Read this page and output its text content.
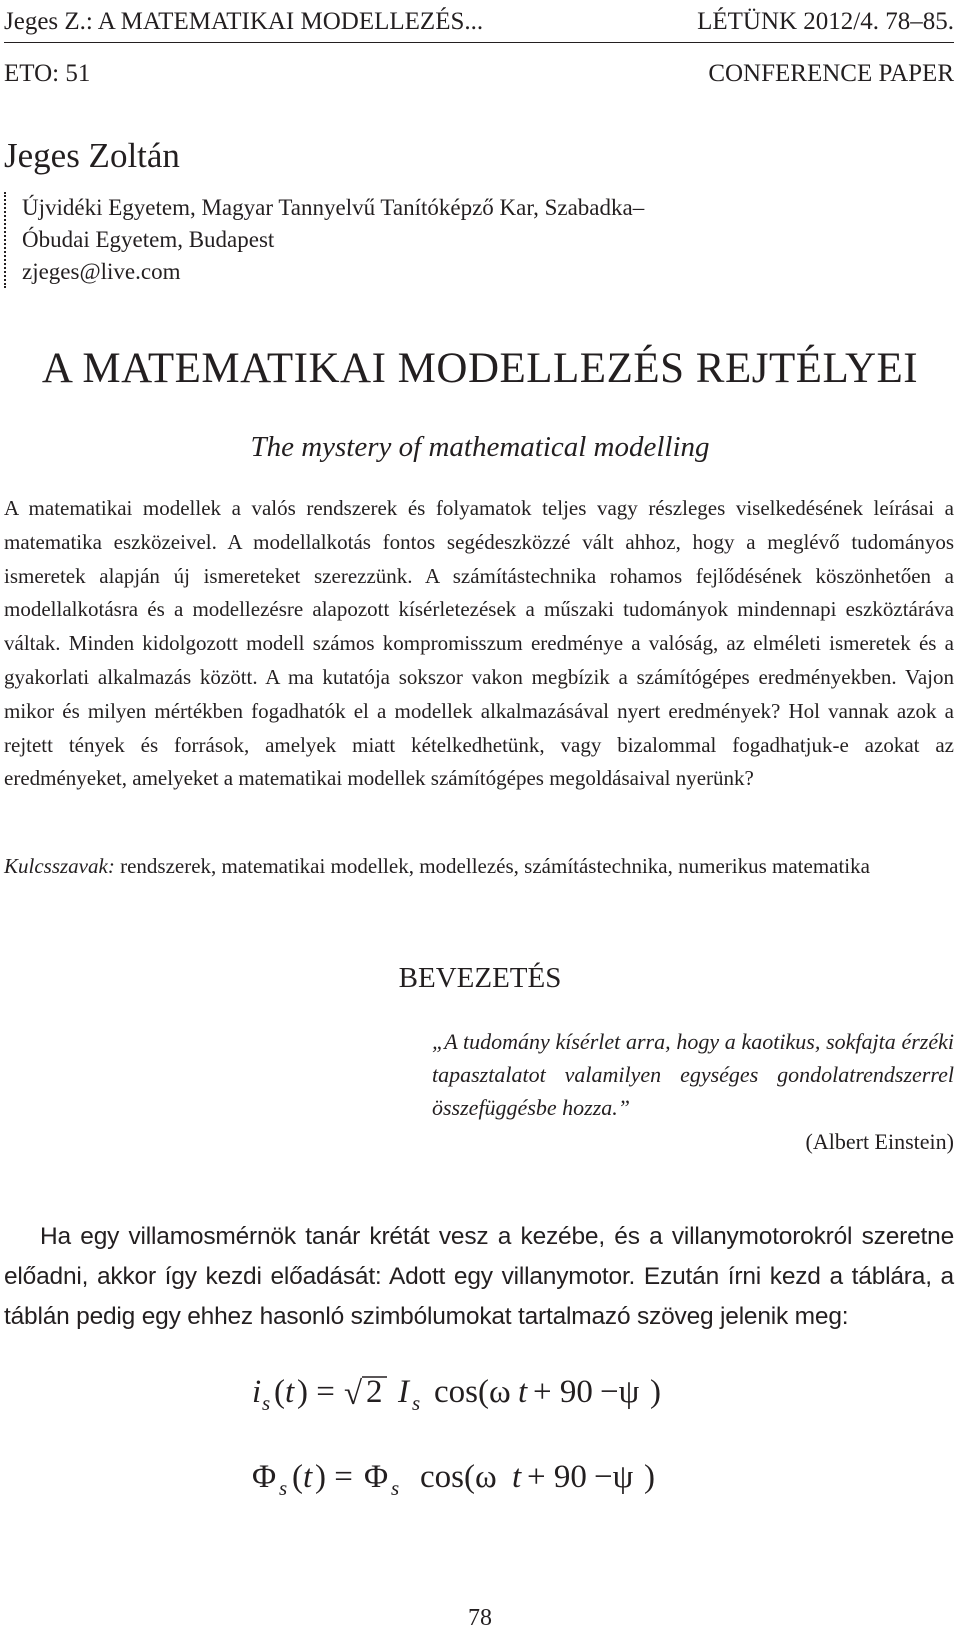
Jeges Z.: A MATEMATIKAI MODELLEZÉS...	LÉTÜNK 2012/4. 78–85.
ETO: 51	CONFERENCE PAPER
Jeges Zoltán
Újvidéki Egyetem, Magyar Tannyelvű Tanítóképző Kar, Szabadka–
Óbudai Egyetem, Budapest
zjeges@live.com
A MATEMATIKAI MODELLEZÉS REJTÉLYEI
The mystery of mathematical modelling
A matematikai modellek a valós rendszerek és folyamatok teljes vagy részleges viselkedésének leírásai a matematika eszközeivel. A modellalkotás fontos segédeszközzé vált ahhoz, hogy a meglévő tudományos ismeretek alapján új ismereteket szerezzünk. A számítástechnika rohamos fejlődésének köszönhetően a modellalkotásra és a modellezésre alapozott kísérletezések a műszaki tudományok mindennapi eszköztáráva váltak. Minden kidolgozott modell számos kompromisszum eredménye a valóság, az elméleti ismeretek és a gyakorlati alkalmazás között. A ma kutatója sokszor vakon megbízik a számítógépes eredményekben. Vajon mikor és milyen mértékben fogadhatók el a modellek alkalmazásával nyert eredmények? Hol vannak azok a rejtett tények és források, amelyek miatt kételkedhetünk, vagy bizalommal fogadhatjuk-e azokat az eredményeket, amelyeket a matematikai modellek számítógépes megoldásaival nyerünk?
Kulcsszavak: rendszerek, matematikai modellek, modellezés, számítástechnika, numerikus matematika
BEVEZETÉS
„A tudomány kísérlet arra, hogy a kaotikus, sokfajta érzéki tapasztalatot valamilyen egységes gondolatrendszerrel összefüggésbe hozza.”
(Albert Einstein)
Ha egy villamosmérnök tanár krétát vesz a kezébe, és a villanymotorokról szeretne előadni, akkor így kezdi előadását: Adott egy villanymotor. Ezután írni kezd a táblára, a táblán pedig egy ehhez hasonló szimbólumokat tartalmazó szöveg jelenik meg:
i s ( t ) = √ 2 I s cos(ω t + 90 −ψ )
Φ s ( t ) = Φ s cos(ω t + 90 −ψ )
78
